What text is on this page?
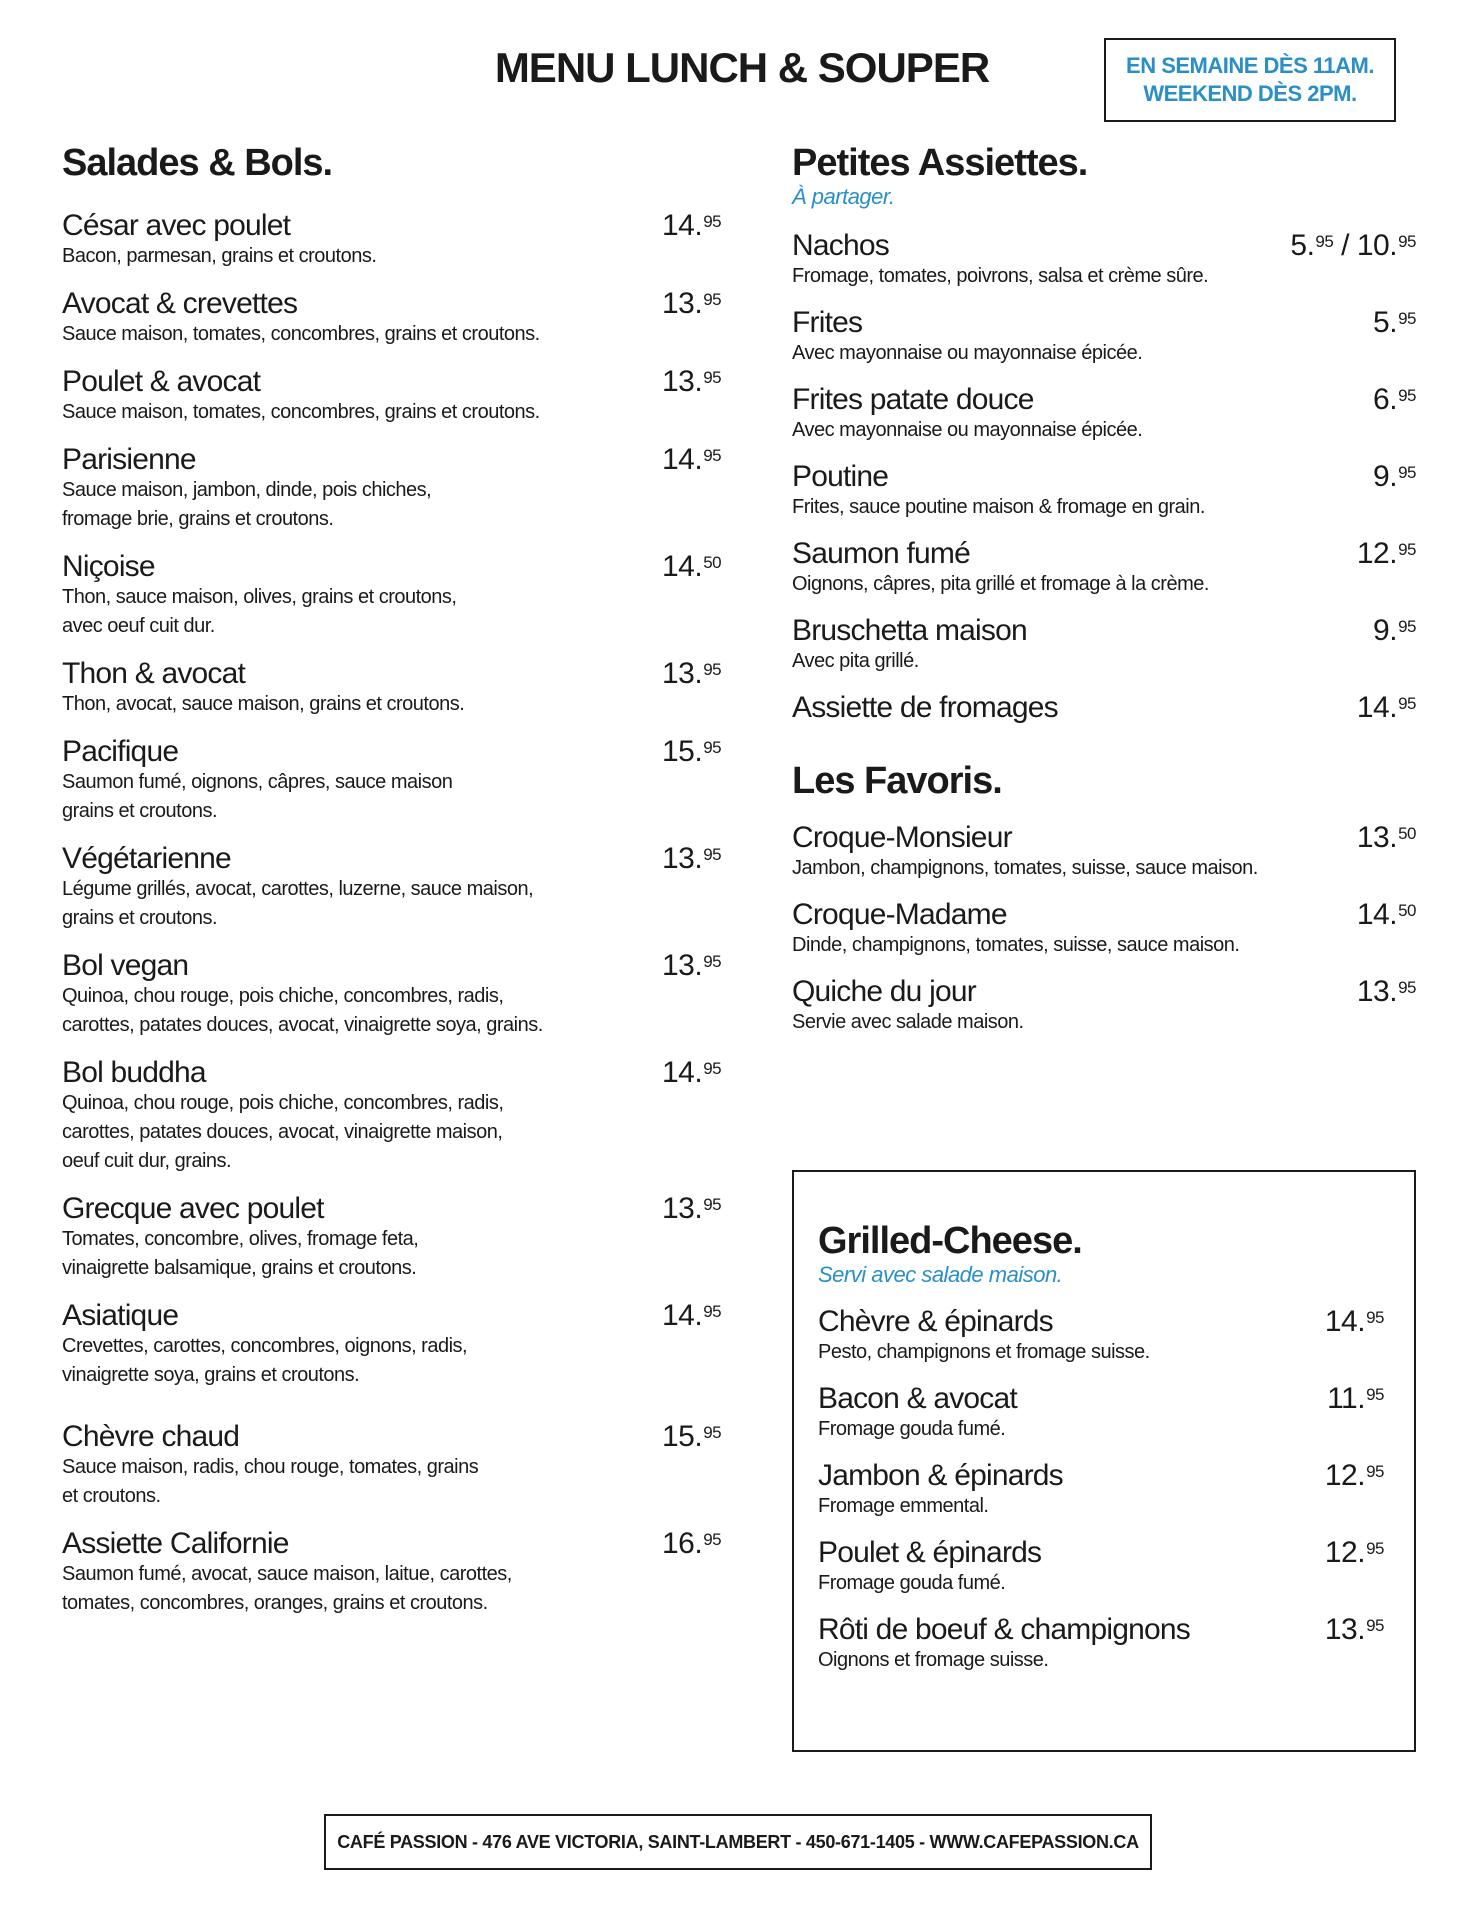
MENU LUNCH & SOUPER	EN SEMAINE DÈS 11AM.
WEEKEND DÈS 2PM.
Salades & Bols.
César avec poulet	14.95
Bacon, parmesan, grains et croutons.
Avocat & crevettes	13.95
Sauce maison, tomates, concombres, grains et croutons.
Poulet & avocat	13.95
Sauce maison, tomates, concombres, grains et croutons.
Parisienne	14.95
Sauce maison, jambon, dinde, pois chiches,
fromage brie, grains et croutons.
Niçoise	14.50
Thon, sauce maison, olives, grains et croutons,
avec oeuf cuit dur.
Thon & avocat	13.95
Thon, avocat, sauce maison, grains et croutons.
Pacifique	15.95
Saumon fumé, oignons, câpres, sauce maison
grains et croutons.
Végétarienne	13.95
Légume grillés, avocat, carottes, luzerne, sauce maison,
grains et croutons.
Bol vegan	13.95
Quinoa, chou rouge, pois chiche, concombres, radis,
carottes, patates douces, avocat, vinaigrette soya, grains.
Bol buddha	14.95
Quinoa, chou rouge, pois chiche, concombres, radis,
carottes, patates douces, avocat, vinaigrette maison,
oeuf cuit dur, grains.
Grecque avec poulet	13.95
Tomates, concombre, olives, fromage feta,
vinaigrette balsamique, grains et croutons.
Asiatique	14.95
Crevettes, carottes, concombres, oignons, radis,
vinaigrette soya, grains et croutons.
Chèvre chaud	15.95
Sauce maison, radis, chou rouge, tomates, grains
et croutons.
Assiette Californie	16.95
Saumon fumé, avocat, sauce maison, laitue, carottes,
tomates, concombres, oranges, grains et croutons.
Petites Assiettes.
À partager.
Nachos	5.95 / 10.95
Fromage, tomates, poivrons, salsa et crème sûre.
Frites	5.95
Avec mayonnaise ou mayonnaise épicée.
Frites patate douce	6.95
Avec mayonnaise ou mayonnaise épicée.
Poutine	9.95
Frites, sauce poutine maison & fromage en grain.
Saumon fumé	12.95
Oignons, câpres, pita grillé et fromage à la crème.
Bruschetta maison	9.95
Avec pita grillé.
Assiette de fromages	14.95
Les Favoris.
Croque-Monsieur	13.50
Jambon, champignons, tomates, suisse, sauce maison.
Croque-Madame	14.50
Dinde, champignons, tomates, suisse, sauce maison.
Quiche du jour	13.95
Servie avec salade maison.
Grilled-Cheese.
Servi avec salade maison.
Chèvre & épinards	14.95
Pesto, champignons et fromage suisse.
Bacon & avocat	11.95
Fromage gouda fumé.
Jambon & épinards	12.95
Fromage emmental.
Poulet & épinards	12.95
Fromage gouda fumé.
Rôti de boeuf & champignons	13.95
Oignons et fromage suisse.
CAFÉ PASSION - 476 AVE VICTORIA, SAINT-LAMBERT - 450-671-1405 - WWW.CAFEPASSION.CA
